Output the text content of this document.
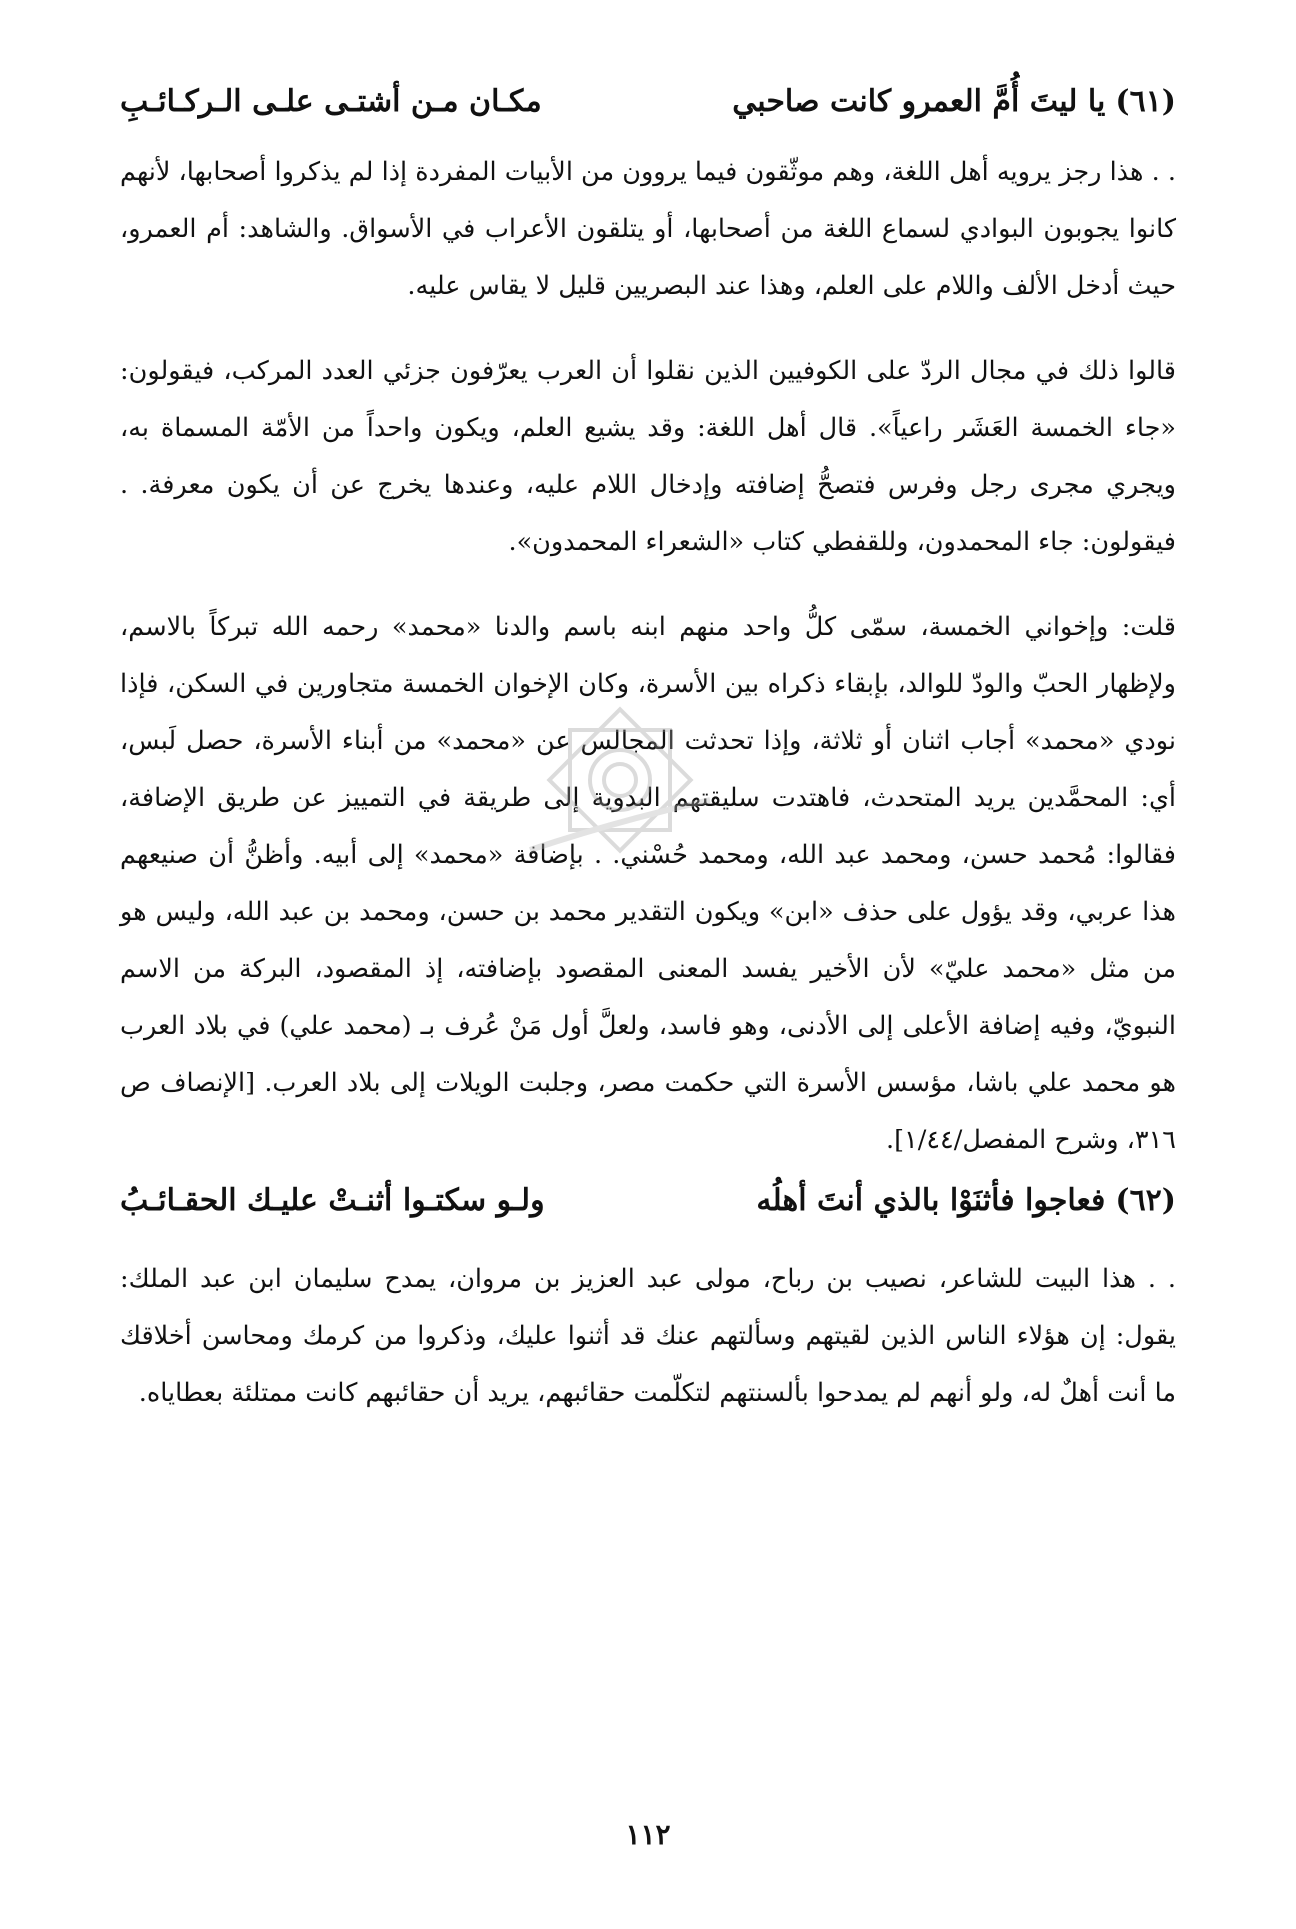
(٦١)
يا ليتَ أُمَّ العمرو كانت صاحبي
مكـان مـن أشتـى علـى الـركـائـبِ

. . هذا رجز يرويه أهل اللغة، وهم موثّقون فيما يروون من الأبيات المفردة إذا لم يذكروا أصحابها، لأنهم كانوا يجوبون البوادي لسماع اللغة من أصحابها، أو يتلقون الأعراب في الأسواق. والشاهد: أم العمرو، حيث أدخل الألف واللام على العلم، وهذا عند البصريين قليل لا يقاس عليه.

قالوا ذلك في مجال الردّ على الكوفيين الذين نقلوا أن العرب يعرّفون جزئي العدد المركب، فيقولون: «جاء الخمسة العَشَر راعياً». قال أهل اللغة: وقد يشيع العلم، ويكون واحداً من الأمّة المسماة به، ويجري مجرى رجل وفرس فتصحُّ إضافته وإدخال اللام عليه، وعندها يخرج عن أن يكون معرفة. . فيقولون: جاء المحمدون، وللقفطي كتاب «الشعراء المحمدون».

قلت: وإخواني الخمسة، سمّى كلُّ واحد منهم ابنه باسم والدنا «محمد» رحمه الله تبركاً بالاسم، ولإظهار الحبّ والودّ للوالد، بإبقاء ذكراه بين الأسرة، وكان الإخوان الخمسة متجاورين في السكن، فإذا نودي «محمد» أجاب اثنان أو ثلاثة، وإذا تحدثت المجالس عن «محمد» من أبناء الأسرة، حصل لَبس، أي: المحمَّدين يريد المتحدث، فاهتدت سليقتهم البدوية إلى طريقة في التمييز عن طريق الإضافة، فقالوا: مُحمد حسن، ومحمد عبد الله، ومحمد حُسْني. . بإضافة «محمد» إلى أبيه. وأظنُّ أن صنيعهم هذا عربي، وقد يؤول على حذف «ابن» ويكون التقدير محمد بن حسن، ومحمد بن عبد الله، وليس هو من مثل «محمد عليّ» لأن الأخير يفسد المعنى المقصود بإضافته، إذ المقصود، البركة من الاسم النبويّ، وفيه إضافة الأعلى إلى الأدنى، وهو فاسد، ولعلَّ أول مَنْ عُرف بـ (محمد علي) في بلاد العرب هو محمد علي باشا، مؤسس الأسرة التي حكمت مصر، وجلبت الويلات إلى بلاد العرب. [الإنصاف ص ٣١٦، وشرح المفصل/١/٤٤].

(٦٢)
فعاجوا فأثنَوْا بالذي أنتَ أهلُه
ولـو سكتـوا أثنـتْ عليـك الحقـائـبُ

. . هذا البيت للشاعر، نصيب بن رباح، مولى عبد العزيز بن مروان، يمدح سليمان ابن عبد الملك: يقول: إن هؤلاء الناس الذين لقيتهم وسألتهم عنك قد أثنوا عليك، وذكروا من كرمك ومحاسن أخلاقك ما أنت أهلٌ له، ولو أنهم لم يمدحوا بألسنتهم لتكلّمت حقائبهم، يريد أن حقائبهم كانت ممتلئة بعطاياه.

١١٢
